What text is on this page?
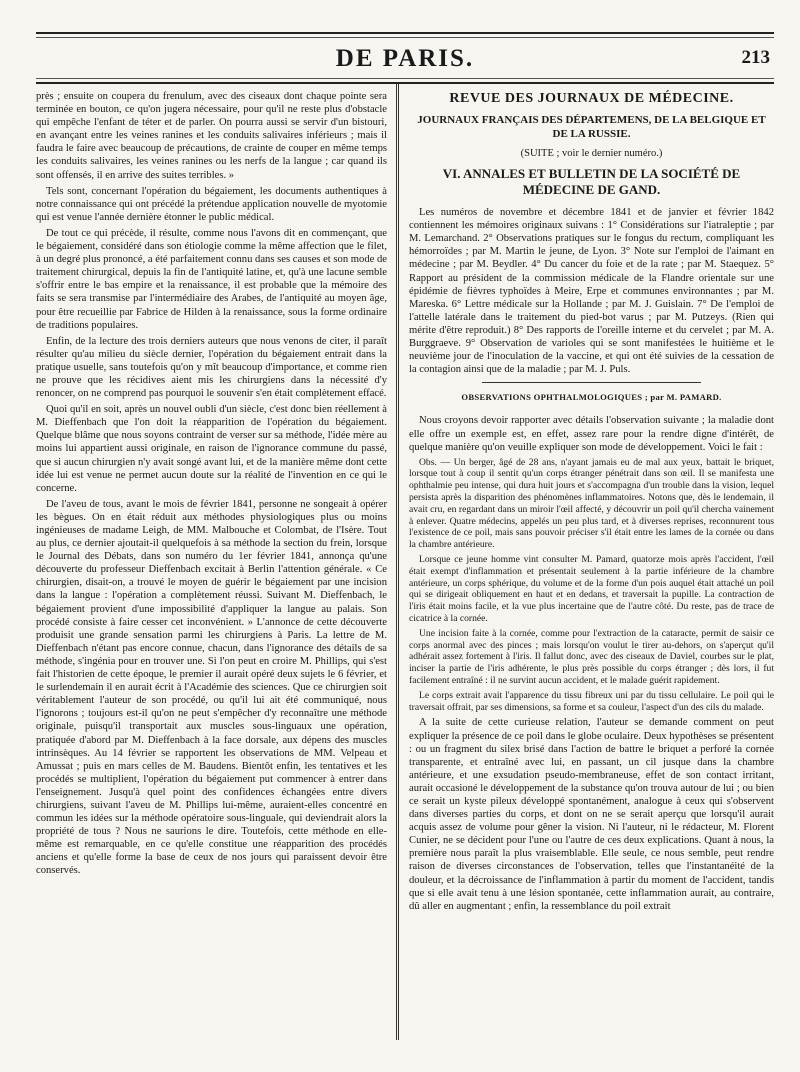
DE PARIS.	213

près ; ensuite on coupera du frenulum, avec des ciseaux dont chaque pointe sera terminée en bouton, ce qu'on jugera nécessaire, pour qu'il ne reste plus d'obstacle qui empêche l'enfant de téter et de parler. On pourra aussi se servir d'un bistouri, en avançant entre les veines ranines et les conduits salivaires inférieurs ; mais il faudra le faire avec beaucoup de précautions, de crainte de couper en même temps les conduits salivaires, les veines ranines ou les nerfs de la langue ; car quand ils sont offensés, il en arrive des suites terribles. »

Tels sont, concernant l'opération du bégaiement, les documents authentiques à notre connaissance qui ont précédé la prétendue application nouvelle de myotomie qui est venue l'année dernière étonner le public médical.

De tout ce qui précède, il résulte, comme nous l'avons dit en commençant, que le bégaiement, considéré dans son étiologie comme la même affection que le filet, à un degré plus prononcé, a été parfaitement connu dans ses causes et son mode de traitement chirurgical, depuis la fin de l'antiquité latine, et, qu'à une lacune semble s'offrir entre le bas empire et la renaissance, il est probable que la mémoire des faits se sera transmise par l'intermédiaire des Arabes, de l'antiquité au moyen âge, pour être recueillie par Fabrice de Hilden à la renaissance, sous la forme ordinaire de traditions populaires.

Enfin, de la lecture des trois derniers auteurs que nous venons de citer, il paraît résulter qu'au milieu du siècle dernier, l'opération du bégaiement entrait dans la pratique usuelle, sans toutefois qu'on y mît beaucoup d'importance, et comme rien ne prouve que les récidives aient mis les chirurgiens dans la nécessité d'y renoncer, on ne comprend pas pourquoi le souvenir s'en était complètement effacé.

Quoi qu'il en soit, après un nouvel oubli d'un siècle, c'est donc bien réellement à M. Dieffenbach que l'on doit la réapparition de l'opération du bégaiement. Quelque blâme que nous soyons contraint de verser sur sa méthode, l'idée mère au moins lui appartient aussi originale, en raison de l'ignorance commune du passé, que si aucun chirurgien n'y avait songé avant lui, et de la manière même dont cette idée lui est venue ne permet aucun doute sur la réalité de l'invention en ce qui le concerne.

De l'aveu de tous, avant le mois de février 1841, personne ne songeait à opérer les bègues. On en était réduit aux méthodes physiologiques plus ou moins ingénieuses de madame Leigh, de MM. Malbouche et Colombat, de l'Isère. Tout au plus, ce dernier ajoutait-il quelquefois à sa méthode la section du frein, lorsque le Journal des Débats, dans son numéro du 1er février 1841, annonça qu'une découverte du professeur Dieffenbach excitait à Berlin l'attention générale. « Ce chirurgien, disait-on, a trouvé le moyen de guérir le bégaiement par une incision dans la langue : l'opération a complètement réussi. Suivant M. Dieffenbach, le bégaiement provient d'une impossibilité d'appliquer la langue au palais. Son procédé consiste à faire cesser cet inconvénient. » L'annonce de cette découverte produisit une grande sensation parmi les chirurgiens à Paris. La lettre de M. Dieffenbach n'étant pas encore connue, chacun, dans l'ignorance des détails de sa méthode, s'ingénia pour en trouver une. Si l'on peut en croire M. Phillips, qui s'est fait l'historien de cette époque, le premier il aurait opéré deux sujets le 6 février, et le surlendemain il en aurait écrit à l'Académie des sciences. Que ce chirurgien soit véritablement l'auteur de son procédé, ou qu'il lui ait été communiqué, nous l'ignorons ; toujours est-il qu'on ne peut s'empêcher d'y reconnaître une méthode originale, puisqu'il transportait aux muscles sous-linguaux une opération, pratiquée d'abord par M. Dieffenbach à la face dorsale, aux dépens des muscles intrinsèques. Au 14 février se rapportent les observations de MM. Velpeau et Amussat ; puis en mars celles de M. Baudens. Bientôt enfin, les tentatives et les procédés se multiplient, l'opération du bégaiement put commencer à entrer dans l'enseignement. Jusqu'à quel point des confidences échangées entre divers chirurgiens, suivant l'aveu de M. Phillips lui-même, auraient-elles concentré en commun les idées sur la méthode opératoire sous-linguale, qui deviendrait alors la propriété de tous ? Nous ne saurions le dire. Toutefois, cette méthode en elle-même est remarquable, en ce qu'elle constitue une réapparition des procédés anciens et qu'elle forme la base de ceux de nos jours qui paraissent devoir être conservés.

REVUE DES JOURNAUX DE MÉDECINE.
JOURNAUX FRANÇAIS DES DÉPARTEMENS, DE LA BELGIQUE ET DE LA RUSSIE.
(SUITE ; voir le dernier numéro.)
VI. ANNALES ET BULLETIN DE LA SOCIÉTÉ DE MÉDECINE DE GAND.

Les numéros de novembre et décembre 1841 et de janvier et février 1842 contiennent les mémoires originaux suivans : 1° Considérations sur l'iatraleptie ; par M. Lemarchand. 2° Observations pratiques sur le fongus du rectum, compliquant les hémorroïdes ; par M. Martin le jeune, de Lyon. 3° Note sur l'emploi de l'aimant en médecine ; par M. Beydler. 4° Du cancer du foie et de la rate ; par M. Staequez. 5° Rapport au président de la commission médicale de la Flandre orientale sur une épidémie de fièvres typhoïdes à Meire, Erpe et communes environnantes ; par M. Mareska. 6° Lettre médicale sur la Hollande ; par M. J. Guislain. 7° De l'emploi de l'attelle latérale dans le traitement du pied-bot varus ; par M. Putzeys. (Rien qui mérite d'être reproduit.) 8° Des rapports de l'oreille interne et du cervelet ; par M. A. Burggraeve. 9° Observation de varioles qui se sont manifestées le huitième et le neuvième jour de l'inoculation de la vaccine, et qui ont été suivies de la cessation de la contagion ainsi que de la maladie ; par M. J. Puls.

OBSERVATIONS OPHTHALMOLOGIQUES ; par M. PAMARD.

Nous croyons devoir rapporter avec détails l'observation suivante ; la maladie dont elle offre un exemple est, en effet, assez rare pour la rendre digne d'intérêt, de quelque manière qu'on veuille expliquer son mode de développement. Voici le fait :

Obs. — Un berger, âgé de 28 ans, n'ayant jamais eu de mal aux yeux, battait le briquet, lorsque tout à coup il sentit qu'un corps étranger pénétrait dans son œil. Il se manifesta une ophthalmie peu intense, qui dura huit jours et s'accompagna d'un trouble dans la vision, lequel persista après la disparition des phénomènes inflammatoires. Notons que, dès le lendemain, il avait cru, en regardant dans un miroir l'œil affecté, y découvrir un poil qu'il chercha vainement à enlever. Quatre médecins, appelés un peu plus tard, et à diverses reprises, reconnurent tous l'existence de ce poil, mais sans pouvoir préciser s'il était entre les lames de la cornée ou dans la chambre antérieure.

Lorsque ce jeune homme vint consulter M. Pamard, quatorze mois après l'accident, l'œil était exempt d'inflammation et présentait seulement à la partie inférieure de la chambre antérieure, un corps sphérique, du volume et de la forme d'un pois auquel était attaché un poil qui se dirigeait obliquement en haut et en dedans, et traversait la pupille. La contraction de l'iris était moins facile, et la vue plus incertaine que de l'autre côté. Du reste, pas de trace de cicatrice à la cornée.

Une incision faite à la cornée, comme pour l'extraction de la cataracte, permit de saisir ce corps anormal avec des pinces ; mais lorsqu'on voulut le tirer au-dehors, on s'aperçut qu'il adhérait assez fortement à l'iris. Il fallut donc, avec des ciseaux de Daviel, courbes sur le plat, inciser la partie de l'iris adhérente, le plus près possible du corps étranger ; dès lors, il fut facilement entraîné : il ne survint aucun accident, et le malade guérit rapidement.

Le corps extrait avait l'apparence du tissu fibreux uni par du tissu cellulaire. Le poil qui le traversait offrait, par ses dimensions, sa forme et sa couleur, l'aspect d'un des cils du malade.

A la suite de cette curieuse relation, l'auteur se demande comment on peut expliquer la présence de ce poil dans le globe oculaire. Deux hypothèses se présentent : ou un fragment du silex brisé dans l'action de battre le briquet a perforé la cornée transparente, et entraîné avec lui, en passant, un cil jusque dans la chambre antérieure, et une exsudation pseudo-membraneuse, effet de son contact irritant, aurait occasioné le développement de la substance qu'on trouva autour de lui ; ou bien ce serait un kyste pileux développé spontanément, analogue à ceux qui s'observent dans diverses parties du corps, et dont on ne se serait aperçu que lorsqu'il aurait acquis assez de volume pour gêner la vision. Ni l'auteur, ni le rédacteur, M. Florent Cunier, ne se décident pour l'une ou l'autre de ces deux explications. Quant à nous, la première nous paraît la plus vraisemblable. Elle seule, ce nous semble, peut rendre raison de diverses circonstances de l'observation, telles que l'instantanéité de la douleur, et la décroissance de l'inflammation à partir du moment de l'accident, tandis que si elle avait tenu à une lésion spontanée, cette inflammation aurait, au contraire, dû aller en augmentant ; enfin, la ressemblance du poil extrait
